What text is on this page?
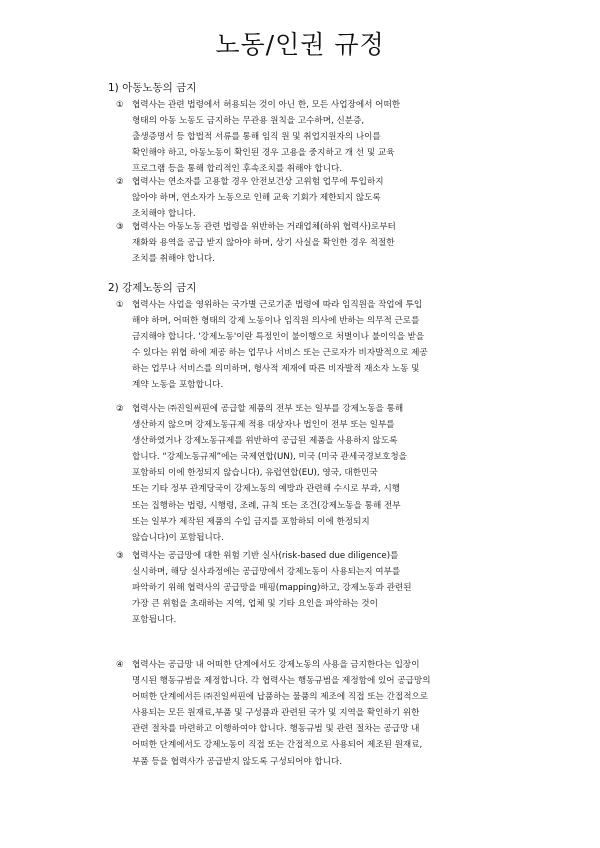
노동/인권 규정
1) 아동노동의 금지
① 협력사는 관련 법령에서 허용되는 것이 아닌 한, 모든 사업장에서 어떠한
형태의 아동 노동도 금지하는 무관용 원칙을 고수하며, 신분증,
출생증명서 등 합법적 서류를 통해 임직 원 및 취업지원자의 나이를
확인해야 하고, 아동노동이 확인된 경우 고용을 중지하고 개 선 및 교육
프로그램 등을 통해 합리적인 후속조치를 취해야 합니다.
② 협력사는 연소자를 고용할 경우 안전보건상 고위험 업무에 투입하지
않아야 하며, 연소자가 노동으로 인해 교육 기회가 제한되지 않도록
조치해야 합니다.
③ 협력사는 아동노동 관련 법령을 위반하는 거래업체(하위 협력사)로부터
재화와 용역을 공급 받지 않아야 하며, 상기 사실을 확인한 경우 적절한
조치를 취해야 합니다.
2) 강제노동의 금지
① 협력사는 사업을 영위하는 국가별 근로기준 법령에 따라 임직원을 작업에 투입
해야 하며, 어떠한 형태의 강제 노동이나 임직원 의사에 반하는 의무적 근로를
금지해야 합니다. '강제노동'이란 특정인이 불이행으로 처벌이나 불이익을 받을
수 있다는 위협 하에 제공 하는 업무나 서비스 또는 근로자가 비자발적으로 제공
하는 업무나 서비스를 의미하며, 형사적 제재에 따른 비자발적 재소자 노동 및
계약 노동을 포함합니다.
② 협력사는 ㈜진일써핀에 공급할 제품의 전부 또는 일부를 강제노동을 통해
생산하지 않으며 강제노동규제 적용 대상자나 법인이 전부 또는 일부를
생산하였거나 강제노동규제를 위반하여 공급된 제품을 사용하지 않도록
합니다. “강제노동규제”에는 국제연합(UN), 미국 (미국 관세국경보호청을
포함하되 이에 한정되지 않습니다), 유럽연합(EU), 영국, 대한민국
또는 기타 정부 관계당국이 강제노동의 예방과 관련해 수시로 부과, 시행
또는 집행하는 법령, 시행령, 조례, 규칙 또는 조건(강제노동을 통해 전부
또는 일부가 제작된 제품의 수입 금지를 포함하되 이에 한정되지
않습니다)이 포함됩니다.
③ 협력사는 공급망에 대한 위험 기반 실사(risk-based due diligence)를
실시하며, 해당 실사과정에는 공급망에서 강제노동이 사용되는지 여부를
파악하기 위해 협력사의 공급망을 매핑(mapping)하고, 강제노동과 관련된
가장 큰 위험을 초래하는 지역, 업체 및 기타 요인을 파악하는 것이
포함됩니다.
④ 협력사는 공급망 내 어떠한 단계에서도 강제노동의 사용을 금지한다는 입장이
명시된 행동규범을 제정합니다. 각 협력사는 행동규범을 제정함에 있어 공급망의
어떠한 단계에서든 ㈜진일써핀에 납품하는 물품의 제조에 직접 또는 간접적으로
사용되는 모든 원재료,부품 및 구성품과 관련된 국가 및 지역을 확인하기 위한
관련 절차를 마련하고 이행하여야 합니다. 행동규범 및 관련 절차는 공급망 내
어떠한 단계에서도 강제노동이 직접 또는 간접적으로 사용되어 제조된 원재료,
부품 등을 협력사가 공급받지 않도록 구성되어야 합니다.
